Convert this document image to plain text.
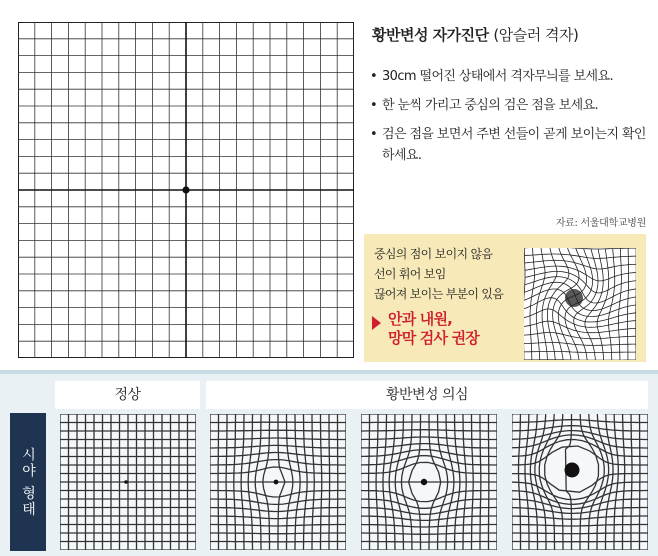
황반변성 자가진단 (암슬러 격자)
• 30cm 떨어진 상태에서 격자무늬를 보세요.
• 한 눈씩 가리고 중심의 검은 점을 보세요.
• 검은 점을 보면서 주변 선들이 곧게 보이는지 확인하세요.
자료: 서울대학교병원
중심의 점이 보이지 않음
선이 휘어 보임
끊어져 보이는 부분이 있음
안과 내원,
망막 검사 권장
정상	황반변성 의심
시야 형태
